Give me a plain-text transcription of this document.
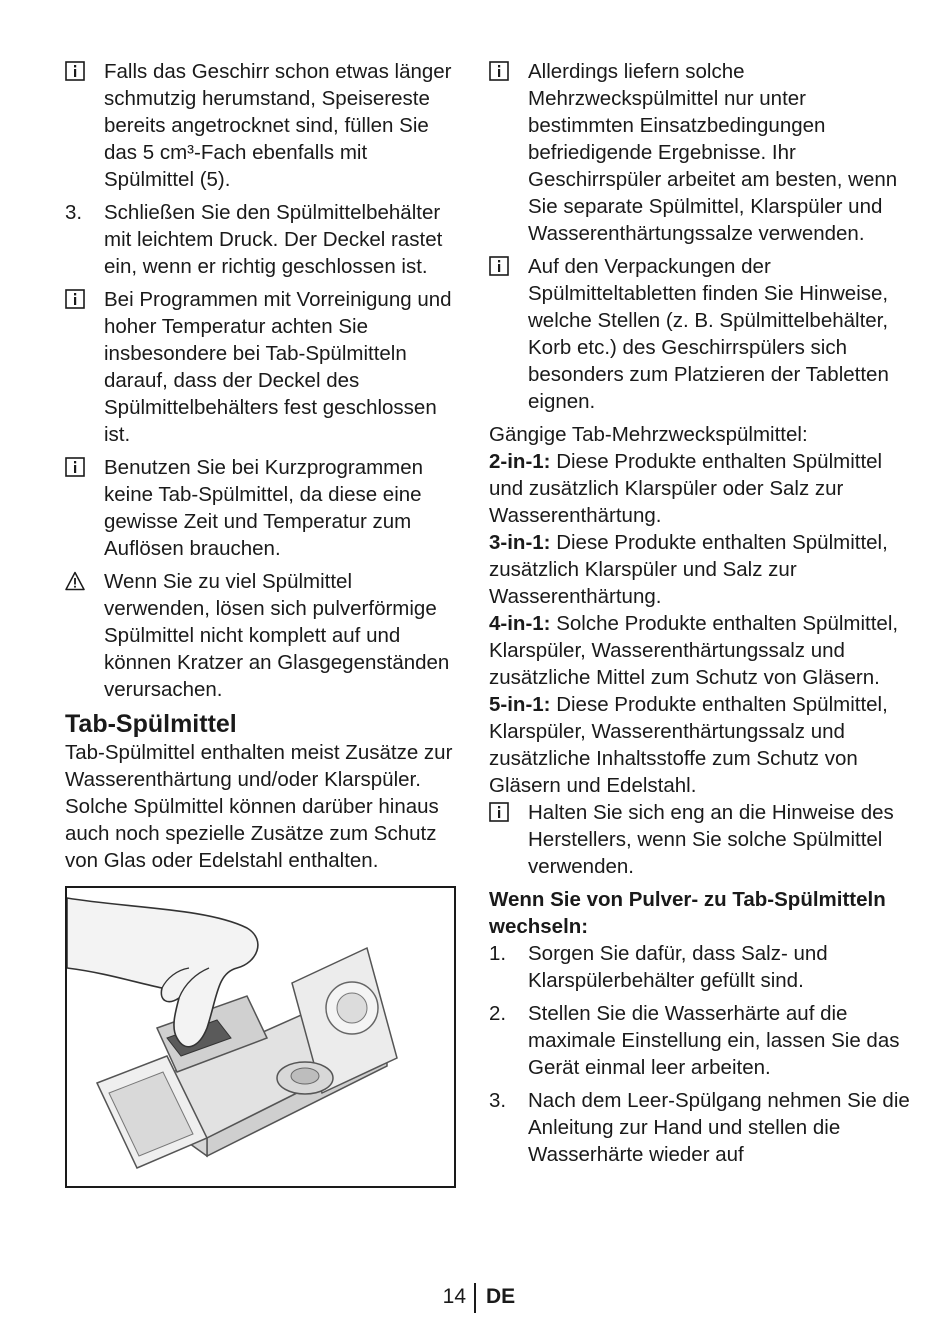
Falls das Geschirr schon etwas länger schmutzig herumstand, Speisereste bereits angetrocknet sind, füllen Sie das 5 cm³-Fach ebenfalls mit Spülmittel (5).
3. Schließen Sie den Spülmittelbehälter mit leichtem Druck. Der Deckel rastet ein, wenn er richtig geschlossen ist.
Bei Programmen mit Vorreinigung und hoher Temperatur achten Sie insbesondere bei Tab-Spülmitteln darauf, dass der Deckel des Spülmittelbehälters fest geschlossen ist.
Benutzen Sie bei Kurzprogrammen keine Tab-Spülmittel, da diese eine gewisse Zeit und Temperatur zum Auflösen brauchen.
Wenn Sie zu viel Spülmittel verwenden, lösen sich pulverförmige Spülmittel nicht komplett auf und können Kratzer an Glasgegenständen verursachen.
Tab-Spülmittel

Tab-Spülmittel enthalten meist Zusätze zur Wasserenthärtung und/oder Klarspüler. Solche Spülmittel können darüber hinaus auch noch spezielle Zusätze zum Schutz von Glas oder Edelstahl enthalten.

Allerdings liefern solche Mehrzweckspülmittel nur unter bestimmten Einsatzbedingungen befriedigende Ergebnisse. Ihr Geschirrspüler arbeitet am besten, wenn Sie separate Spülmittel, Klarspüler und Wasserenthärtungssalze verwenden.
Auf den Verpackungen der Spülmitteltabletten finden Sie Hinweise, welche Stellen (z. B. Spülmittelbehälter, Korb etc.) des Geschirrspülers sich besonders zum Platzieren der Tabletten eignen.

Gängige Tab-Mehrzweckspülmittel:

2-in-1: Diese Produkte enthalten Spülmittel und zusätzlich Klarspüler oder Salz zur Wasserenthärtung.

3-in-1: Diese Produkte enthalten Spülmittel, zusätzlich Klarspüler und Salz zur Wasserenthärtung.

4-in-1: Solche Produkte enthalten Spülmittel, Klarspüler, Wasserenthärtungssalz und zusätzliche Mittel zum Schutz von Gläsern.

5-in-1: Diese Produkte enthalten Spülmittel, Klarspüler, Wasserenthärtungssalz und zusätzliche Inhaltsstoffe zum Schutz von Gläsern und Edelstahl.

Halten Sie sich eng an die Hinweise des Herstellers, wenn Sie solche Spülmittel verwenden.

Wenn Sie von Pulver- zu Tab-Spülmitteln wechseln:

1. Sorgen Sie dafür, dass Salz- und Klarspülerbehälter gefüllt sind.
2. Stellen Sie die Wasserhärte auf die maximale Einstellung ein, lassen Sie das Gerät einmal leer arbeiten.
3. Nach dem Leer-Spülgang nehmen Sie die Anleitung zur Hand und stellen die Wasserhärte wieder auf
14 DE
